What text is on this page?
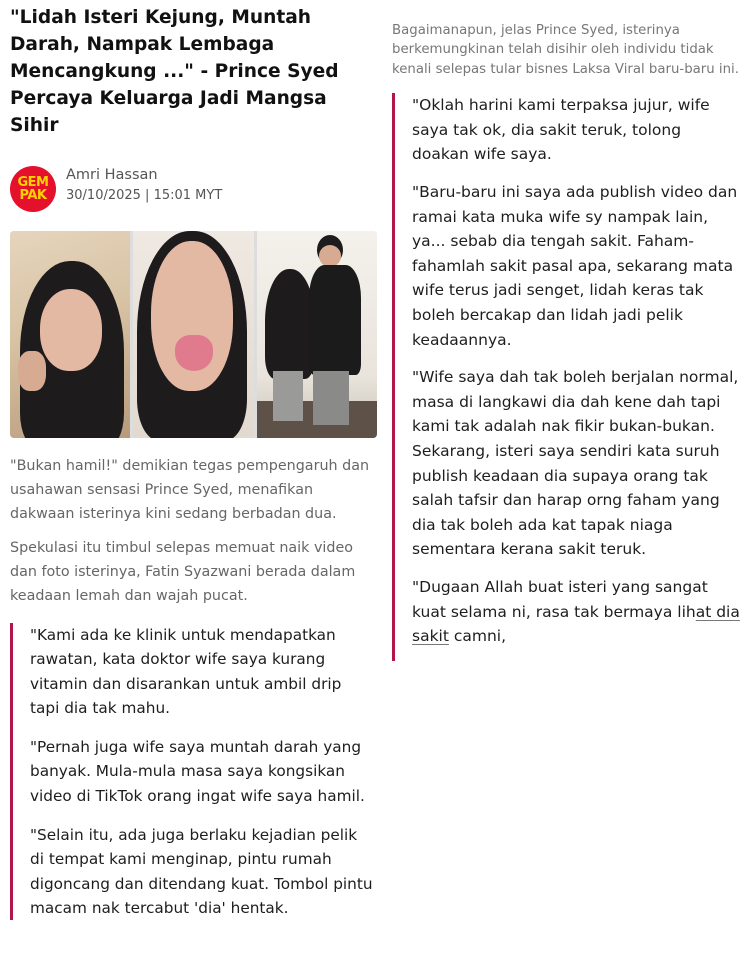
"Lidah Isteri Kejung, Muntah Darah, Nampak Lembaga Mencangkung ..." - Prince Syed Percaya Keluarga Jadi Mangsa Sihir
GEM
PAK
Amri Hassan
30/10/2025 | 15:01 MYT

"Bukan hamil!" demikian tegas pempengaruh dan usahawan sensasi Prince Syed, menafikan dakwaan isterinya kini sedang berbadan dua.

Spekulasi itu timbul selepas memuat naik video dan foto isterinya, Fatin Syazwani berada dalam keadaan lemah dan wajah pucat.

"Kami ada ke klinik untuk mendapatkan rawatan, kata doktor wife saya kurang vitamin dan disarankan untuk ambil drip tapi dia tak mahu.

"Pernah juga wife saya muntah darah yang banyak. Mula-mula masa saya kongsikan video di TikTok orang ingat wife saya hamil.

"Selain itu, ada juga berlaku kejadian pelik di tempat kami menginap, pintu rumah digoncang dan ditendang kuat. Tombol pintu macam nak tercabut 'dia' hentak.

Bagaimanapun, jelas Prince Syed, isterinya berkemungkinan telah disihir oleh individu tidak kenali selepas tular bisnes Laksa Viral baru-baru ini.

"Oklah harini kami terpaksa jujur, wife saya tak ok, dia sakit teruk, tolong doakan wife saya.

"Baru-baru ini saya ada publish video dan ramai kata muka wife sy nampak lain, ya... sebab dia tengah sakit. Faham-fahamlah sakit pasal apa, sekarang mata wife terus jadi senget, lidah keras tak boleh bercakap dan lidah jadi pelik keadaannya.

"Wife saya dah tak boleh berjalan normal, masa di langkawi dia dah kene dah tapi kami tak adalah nak fikir bukan-bukan. Sekarang, isteri saya sendiri kata suruh publish keadaan dia supaya orang tak salah tafsir dan harap orng faham yang dia tak boleh ada kat tapak niaga sementara kerana sakit teruk.

"Dugaan Allah buat isteri yang sangat kuat selama ni, rasa tak bermaya lihat dia sakit camni,
